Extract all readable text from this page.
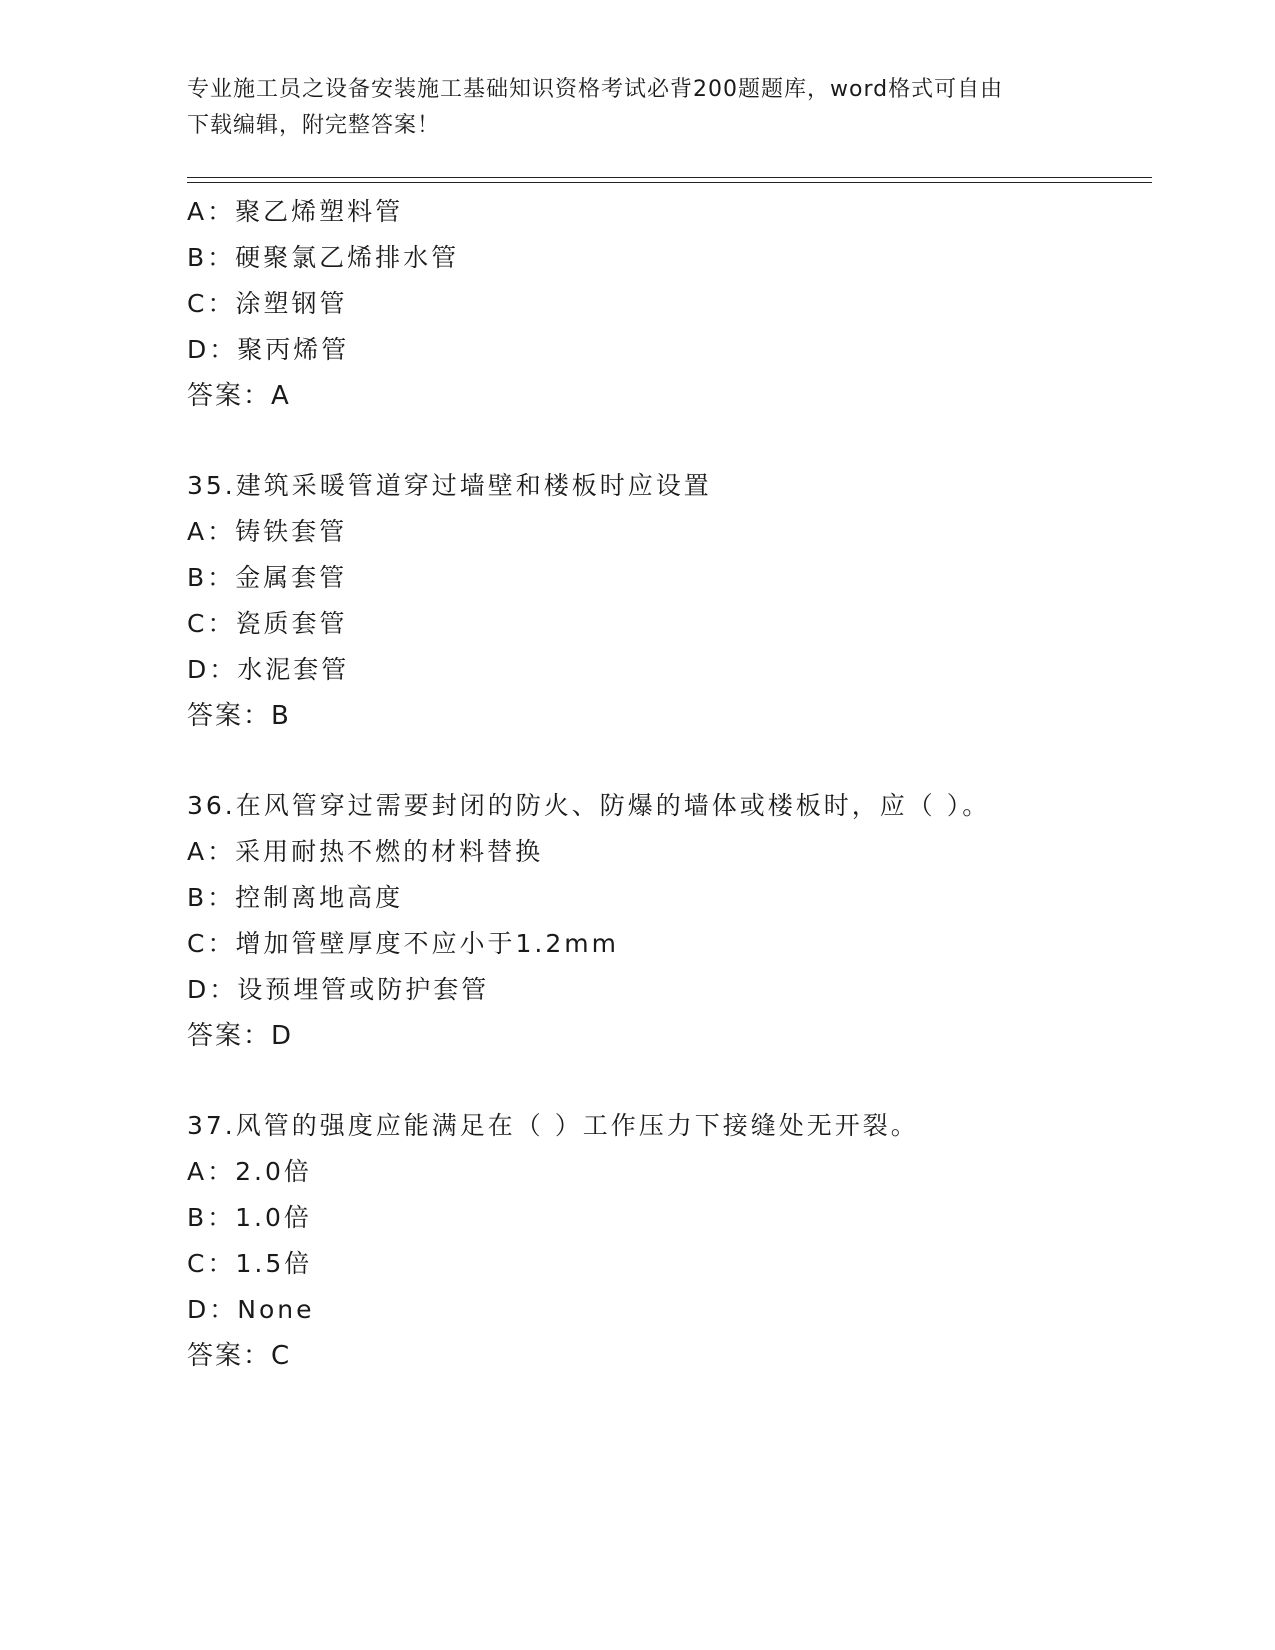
专业施工员之设备安装施工基础知识资格考试必背200题题库，word格式可自由
下载编辑，附完整答案！
A：聚乙烯塑料管
B：硬聚氯乙烯排水管
C：涂塑钢管
D：聚丙烯管
答案：A
35.建筑采暖管道穿过墙壁和楼板时应设置
A：铸铁套管
B：金属套管
C：瓷质套管
D：水泥套管
答案：B
36.在风管穿过需要封闭的防火、防爆的墙体或楼板时，应（ ）。
A：采用耐热不燃的材料替换
B：控制离地高度
C：增加管壁厚度不应小于1.2mm
D：设预埋管或防护套管
答案：D
37.风管的强度应能满足在（ ）工作压力下接缝处无开裂。
A：2.0倍
B：1.0倍
C：1.5倍
D：None
答案：C
